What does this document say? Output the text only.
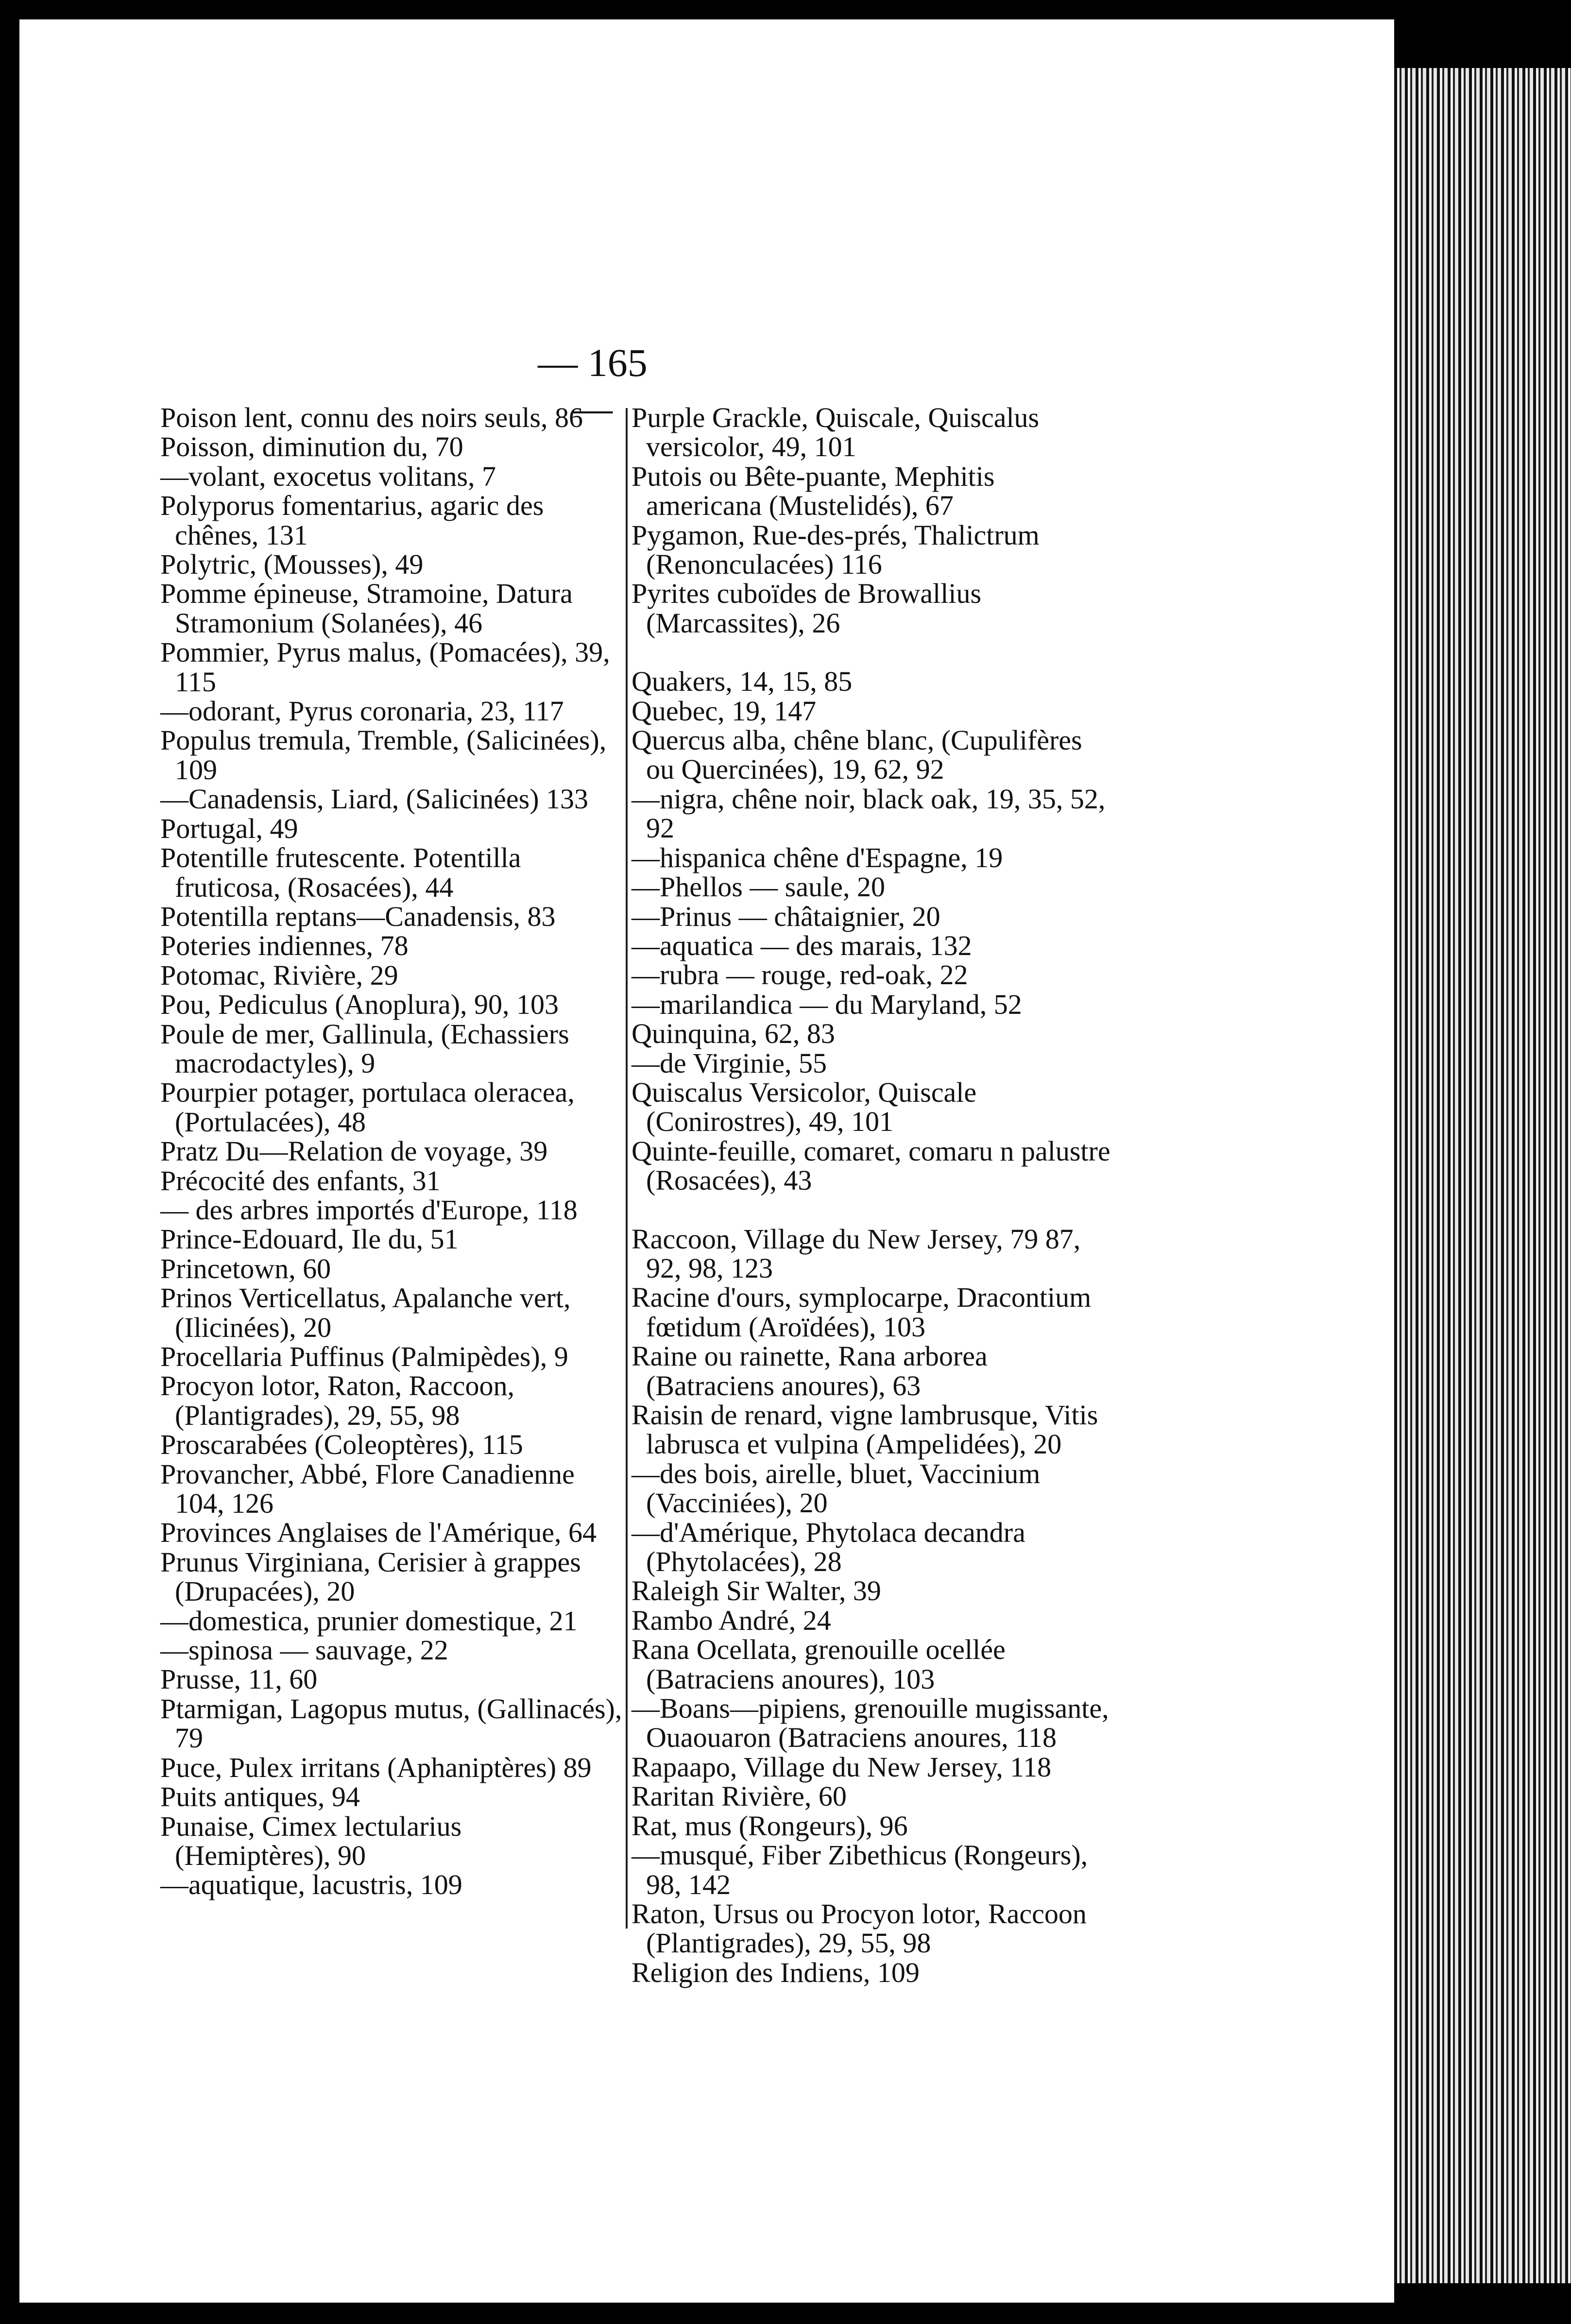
— 165 —

Poison lent, connu des noirs seuls, 86

Poisson, diminution du, 70

—volant, exocetus volitans, 7

Polyporus fomentarius, agaric des chênes, 131

Polytric, (Mousses), 49

Pomme épineuse, Stramoine, Datura Stramonium (Solanées), 46

Pommier, Pyrus malus, (Pomacées), 39, 115

—odorant, Pyrus coronaria, 23, 117

Populus tremula, Tremble, (Salicinées), 109

—Canadensis, Liard, (Salicinées) 133

Portugal, 49

Potentille frutescente. Potentilla fruticosa, (Rosacées), 44

Potentilla reptans—Canadensis, 83

Poteries indiennes, 78

Potomac, Rivière, 29

Pou, Pediculus (Anoplura), 90, 103

Poule de mer, Gallinula, (Echassiers macrodactyles), 9

Pourpier potager, portulaca oleracea, (Portulacées), 48

Pratz Du—Relation de voyage, 39

Précocité des enfants, 31

— des arbres importés d'Europe, 118

Prince-Edouard, Ile du, 51

Princetown, 60

Prinos Verticellatus, Apalanche vert, (Ilicinées), 20

Procellaria Puffinus (Palmipèdes), 9

Procyon lotor, Raton, Raccoon, (Plantigrades), 29, 55, 98

Proscarabées (Coleoptères), 115

Provancher, Abbé, Flore Canadienne 104, 126

Provinces Anglaises de l'Amérique, 64

Prunus Virginiana, Cerisier à grappes (Drupacées), 20

—domestica, prunier domestique, 21

—spinosa — sauvage, 22

Prusse, 11, 60

Ptarmigan, Lagopus mutus, (Gallinacés), 79

Puce, Pulex irritans (Aphaniptères) 89

Puits antiques, 94

Punaise, Cimex lectularius (Hemiptères), 90

—aquatique, lacustris, 109

Purple Grackle, Quiscale, Quiscalus versicolor, 49, 101

Putois ou Bête-puante, Mephitis americana (Mustelidés), 67

Pygamon, Rue-des-prés, Thalictrum (Renonculacées) 116

Pyrites cuboïdes de Browallius (Marcassites), 26

Quakers, 14, 15, 85

Quebec, 19, 147

Quercus alba, chêne blanc, (Cupulifères ou Quercinées), 19, 62, 92

—nigra, chêne noir, black oak, 19, 35, 52, 92

—hispanica chêne d'Espagne, 19

—Phellos — saule, 20

—Prinus — châtaignier, 20

—aquatica — des marais, 132

—rubra — rouge, red-oak, 22

—marilandica — du Maryland, 52

Quinquina, 62, 83

—de Virginie, 55

Quiscalus Versicolor, Quiscale (Conirostres), 49, 101

Quinte-feuille, comaret, comaru n palustre (Rosacées), 43

Raccoon, Village du New Jersey, 79 87, 92, 98, 123

Racine d'ours, symplocarpe, Dracontium fœtidum (Aroïdées), 103

Raine ou rainette, Rana arborea (Batraciens anoures), 63

Raisin de renard, vigne lambrusque, Vitis labrusca et vulpina (Ampelidées), 20

—des bois, airelle, bluet, Vaccinium (Vacciniées), 20

—d'Amérique, Phytolaca decandra (Phytolacées), 28

Raleigh Sir Walter, 39

Rambo André, 24

Rana Ocellata, grenouille ocellée (Batraciens anoures), 103

—Boans—pipiens, grenouille mugissante, Ouaouaron (Batraciens anoures, 118

Rapaapo, Village du New Jersey, 118

Raritan Rivière, 60

Rat, mus (Rongeurs), 96

—musqué, Fiber Zibethicus (Rongeurs), 98, 142

Raton, Ursus ou Procyon lotor, Raccoon (Plantigrades), 29, 55, 98

Religion des Indiens, 109
